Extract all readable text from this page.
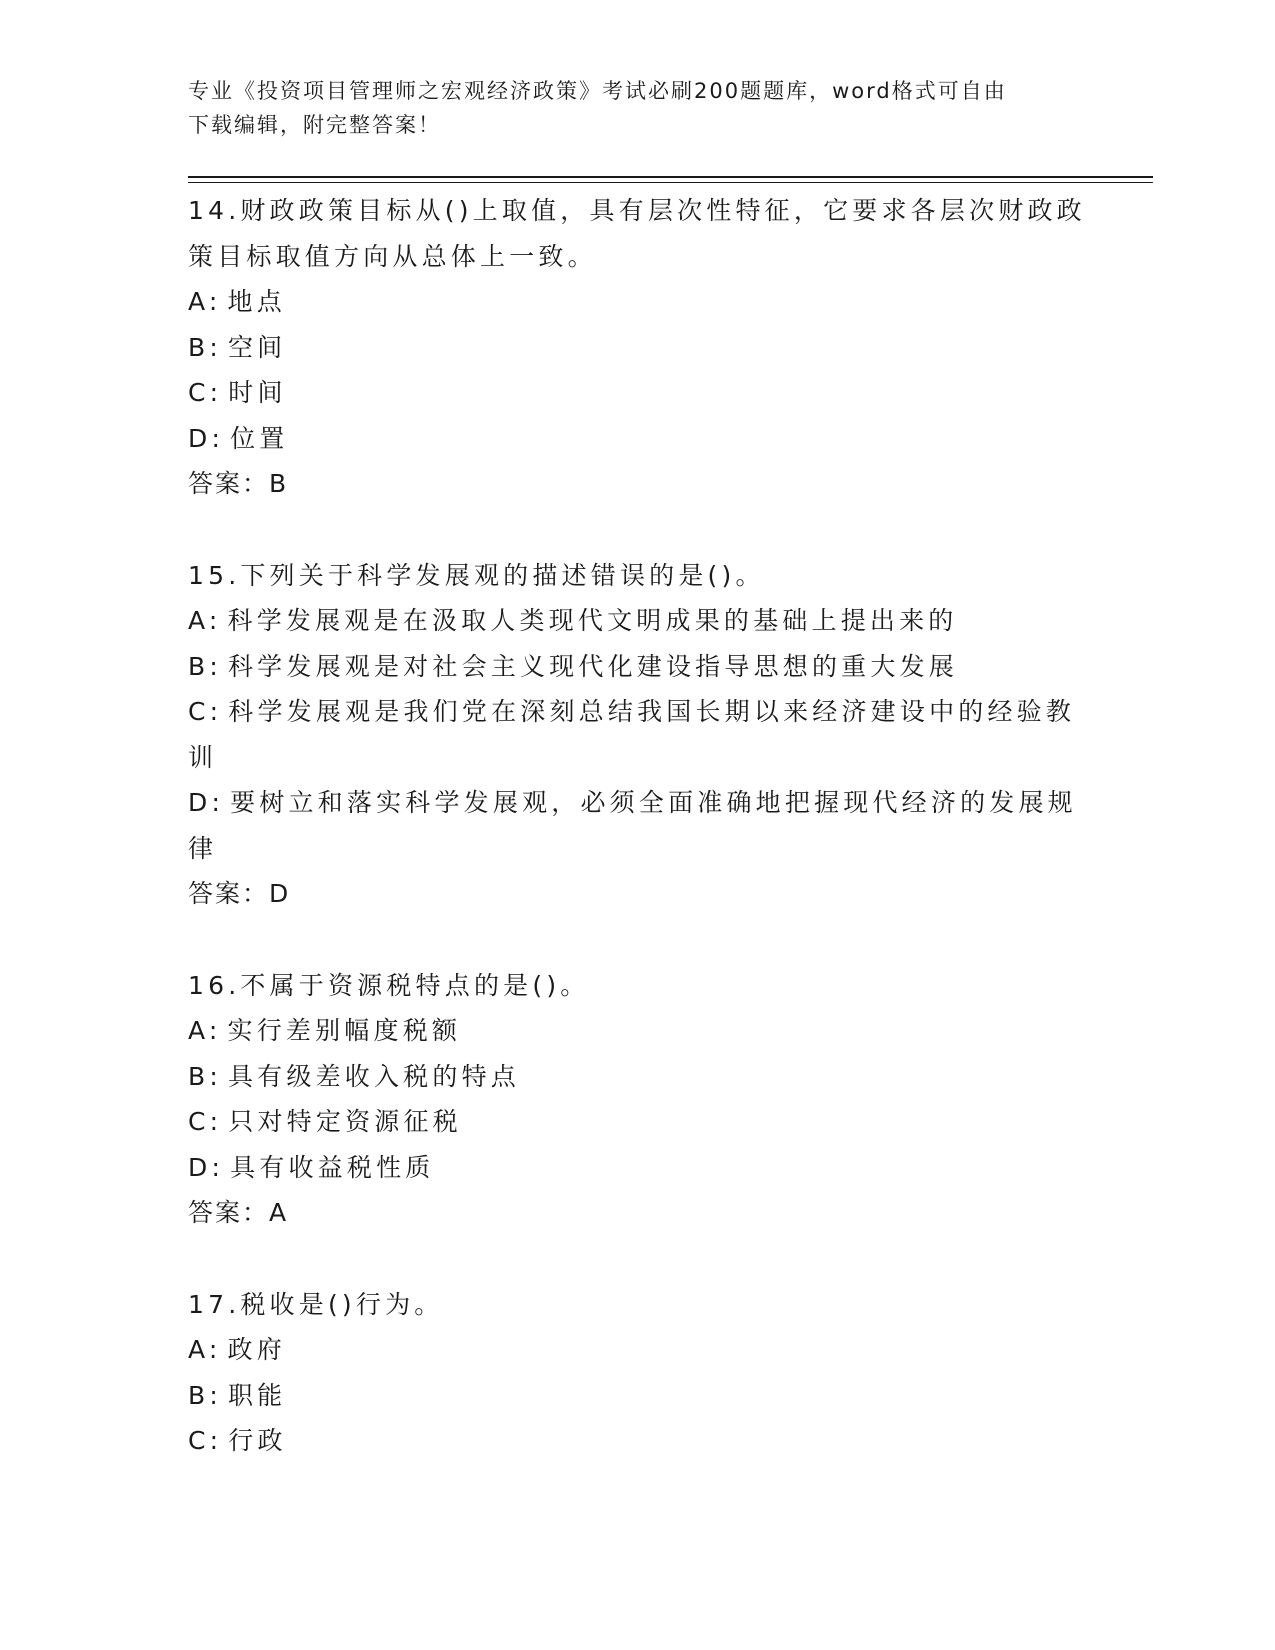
专业《投资项目管理师之宏观经济政策》考试必刷200题题库，word格式可自由
下载编辑，附完整答案！

14.财政政策目标从()上取值，具有层次性特征，它要求各层次财政政

策目标取值方向从总体上一致。

A: 地点

B: 空间

C: 时间

D: 位置

答案：B

15.下列关于科学发展观的描述错误的是()。

A: 科学发展观是在汲取人类现代文明成果的基础上提出来的

B: 科学发展观是对社会主义现代化建设指导思想的重大发展

C: 科学发展观是我们党在深刻总结我国长期以来经济建设中的经验教

训

D: 要树立和落实科学发展观，必须全面准确地把握现代经济的发展规

律

答案：D

16.不属于资源税特点的是()。

A: 实行差别幅度税额

B: 具有级差收入税的特点

C: 只对特定资源征税

D: 具有收益税性质

答案：A

17.税收是()行为。

A: 政府

B: 职能

C: 行政
